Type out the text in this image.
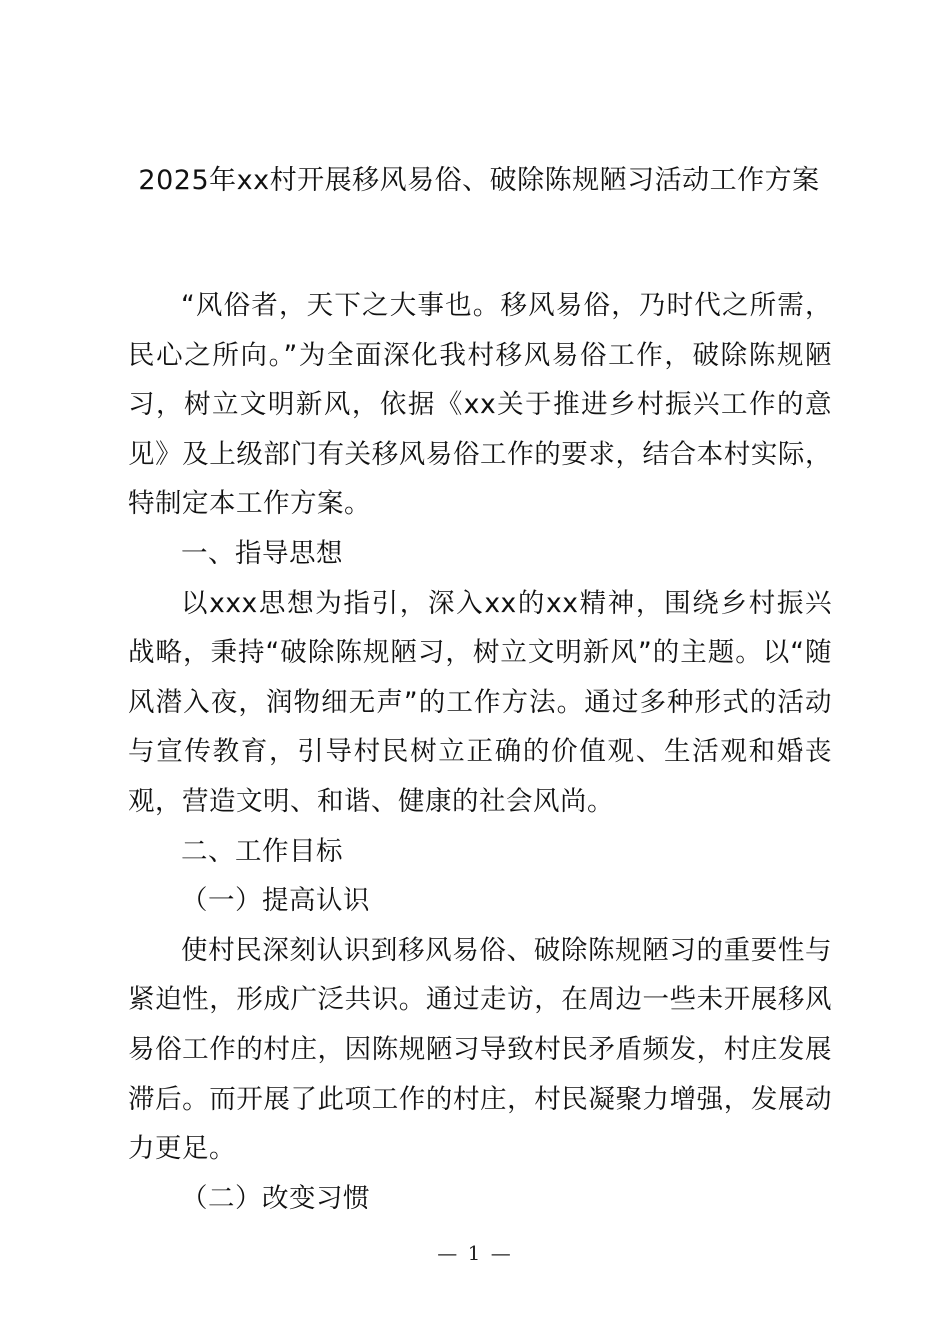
2025年xx村开展移风易俗、破除陈规陋习活动工作方案

“风俗者，天下之大事也。移风易俗，乃时代之所需，民心之所向。”为全面深化我村移风易俗工作，破除陈规陋习，树立文明新风，依据《xx关于推进乡村振兴工作的意见》及上级部门有关移风易俗工作的要求，结合本村实际，特制定本工作方案。

一、指导思想

以xxx思想为指引，深入xx的xx精神，围绕乡村振兴战略，秉持“破除陈规陋习，树立文明新风”的主题。以“随风潜入夜，润物细无声”的工作方法。通过多种形式的活动与宣传教育，引导村民树立正确的价值观、生活观和婚丧观，营造文明、和谐、健康的社会风尚。

二、工作目标

（一）提高认识

使村民深刻认识到移风易俗、破除陈规陋习的重要性与紧迫性，形成广泛共识。通过走访，在周边一些未开展移风易俗工作的村庄，因陈规陋习导致村民矛盾频发，村庄发展滞后。而开展了此项工作的村庄，村民凝聚力增强，发展动力更足。

（二）改变习惯

— 1 —
